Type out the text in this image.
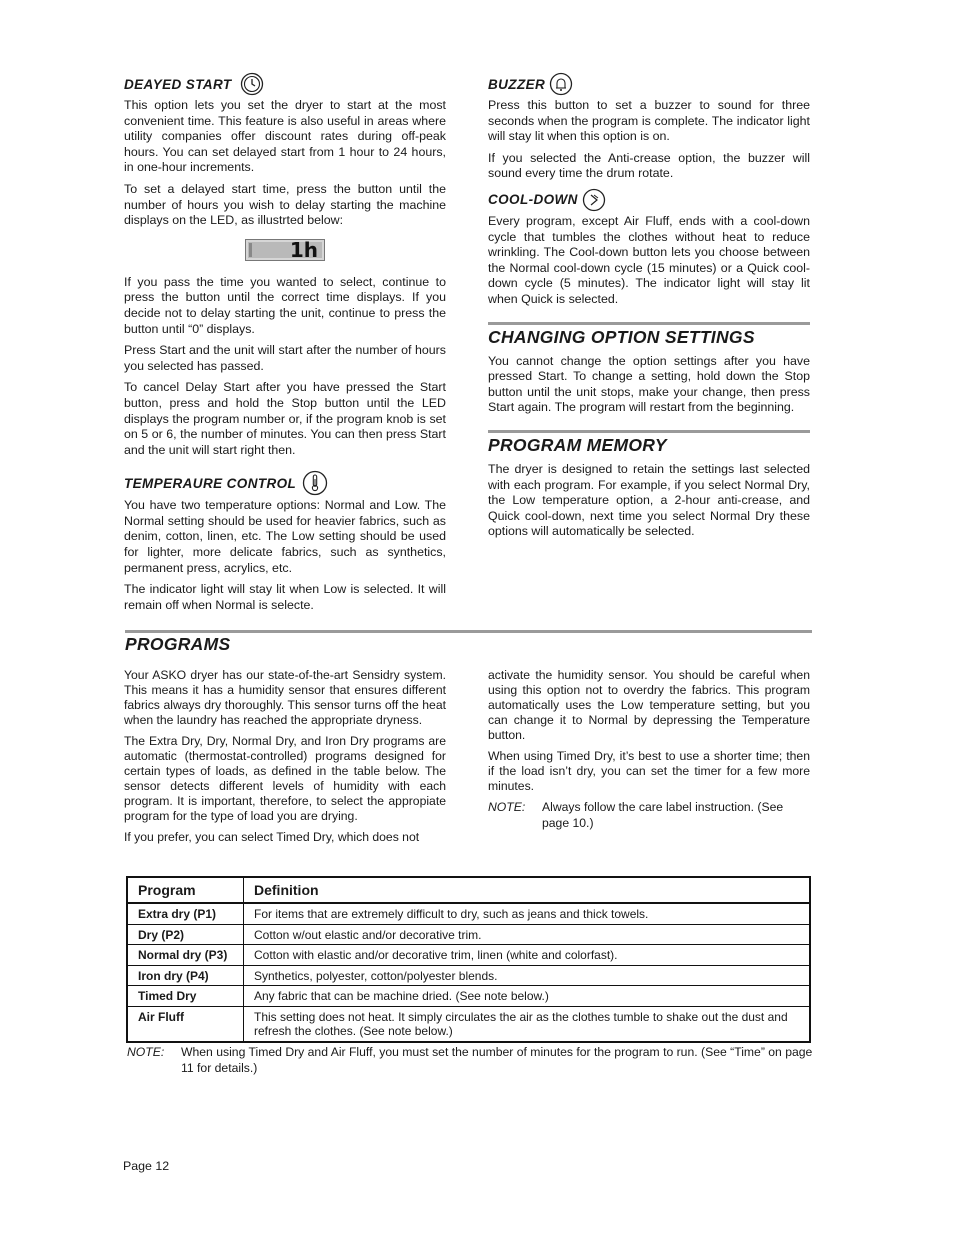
DEAYED START

This option lets you set the dryer to start at the most convenient time. This feature is also useful in areas where utility companies offer discount rates during off-peak hours. You can set delayed start from 1 hour to 24 hours, in one-hour increments.

To set a delayed start time, press the button until the number of hours you wish to delay starting the machine displays on the LED, as illustrted below:

1h

If you pass the time you wanted to select, continue to press the button until the correct time displays. If you decide not to delay starting the unit, continue to press the button until “0” displays.

Press Start and the unit will start after the number of hours you selected has passed.

To cancel Delay Start after you have pressed the Start button, press and hold the Stop button until the LED displays the program number or, if the program knob is set on 5 or 6, the number of minutes. You can then press Start and the unit will start right then.

TEMPERAURE CONTROL

You have two temperature options: Normal and Low. The Normal setting should be used for heavier fabrics, such as denim, cotton, linen, etc. The Low setting should be used for lighter, more delicate fabrics, such as synthetics, permanent press, acrylics, etc.

The indicator light will stay lit when Low is selected. It will remain off when Normal is selecte.

BUZZER

Press this button to set a buzzer to sound for three seconds when the program is complete. The indicator light will stay lit when this option is on.

If you selected the Anti-crease option, the buzzer will sound every time the drum rotate.

COOL-DOWN

Every program, except Air Fluff, ends with a cool-down cycle that tumbles the clothes without heat to reduce wrinkling. The Cool-down button lets you choose between the Normal cool-down cycle (15 minutes) or a Quick cool-down cycle (5 minutes). The indicator light will stay lit when Quick is selected.

CHANGING OPTION SETTINGS

You cannot change the option settings after you have pressed Start. To change a setting, hold down the Stop button until the unit stops, make your change, then press Start again. The program will restart from the beginning.

PROGRAM MEMORY

The dryer is designed to retain the settings last selected with each program. For example, if you select Normal Dry, the Low temperature option, a 2-hour anti-crease, and Quick cool-down, next time you select Normal Dry these options will automatically be selected.

PROGRAMS

Your ASKO dryer has our state-of-the-art Sensidry system. This means it has a humidity sensor that ensures different fabrics always dry thoroughly. This sensor turns off the heat when the laundry has reached the appropriate dryness.

The Extra Dry, Dry, Normal Dry, and Iron Dry programs are automatic (thermostat-controlled) programs designed for certain types of loads, as defined in the table below. The sensor detects different levels of humidity with each program. It is important, therefore, to select the appropiate program for the type of load you are drying.

If you prefer, you can select Timed Dry, which does not

activate the humidity sensor. You should be careful when using this option not to overdry the fabrics. This program automatically uses the Low temperature setting, but you can change it to Normal by depressing the Temperature button.

When using Timed Dry, it’s best to use a shorter time; then if the load isn’t dry, you can set the timer for a few more minutes.

NOTE:	Always follow the care label instruction. (See page 10.)
Program	Definition
Extra dry (P1)	For items that are extremely difficult to dry, such as jeans and thick towels.
Dry (P2)	Cotton w/out elastic and/or decorative trim.
Normal dry (P3)	Cotton with elastic and/or decorative trim, linen (white and colorfast).
Iron dry (P4)	Synthetics, polyester, cotton/polyester blends.
Timed Dry	Any fabric that can be machine dried. (See note below.)
Air Fluff	This setting does not heat. It simply circulates the air as the clothes tumble to shake out the dust and refresh the clothes. (See note below.)
NOTE:	When using Timed Dry and Air Fluff, you must set the number of minutes for the program to run. (See “Time” on page 11 for details.)
Page 12
